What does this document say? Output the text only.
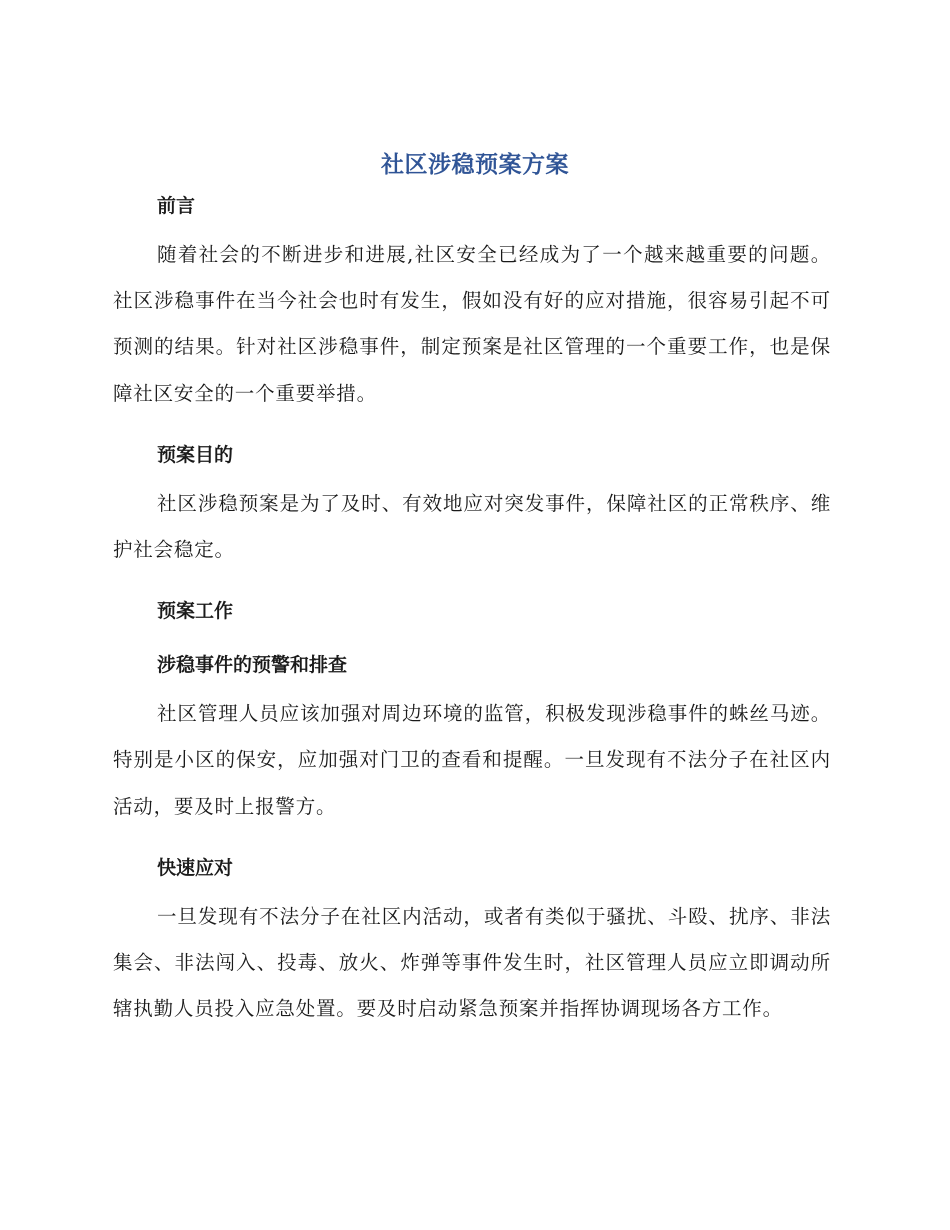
社区涉稳预案方案

前言

随着社会的不断进步和进展,社区安全已经成为了一个越来越重要的问题。社区涉稳事件在当今社会也时有发生，假如没有好的应对措施，很容易引起不可预测的结果。针对社区涉稳事件，制定预案是社区管理的一个重要工作，也是保障社区安全的一个重要举措。

预案目的

社区涉稳预案是为了及时、有效地应对突发事件，保障社区的正常秩序、维护社会稳定。

预案工作

涉稳事件的预警和排查

社区管理人员应该加强对周边环境的监管，积极发现涉稳事件的蛛丝马迹。特别是小区的保安，应加强对门卫的查看和提醒。一旦发现有不法分子在社区内活动，要及时上报警方。

快速应对

一旦发现有不法分子在社区内活动，或者有类似于骚扰、斗殴、扰序、非法集会、非法闯入、投毒、放火、炸弹等事件发生时，社区管理人员应立即调动所辖执勤人员投入应急处置。要及时启动紧急预案并指挥协调现场各方工作。
